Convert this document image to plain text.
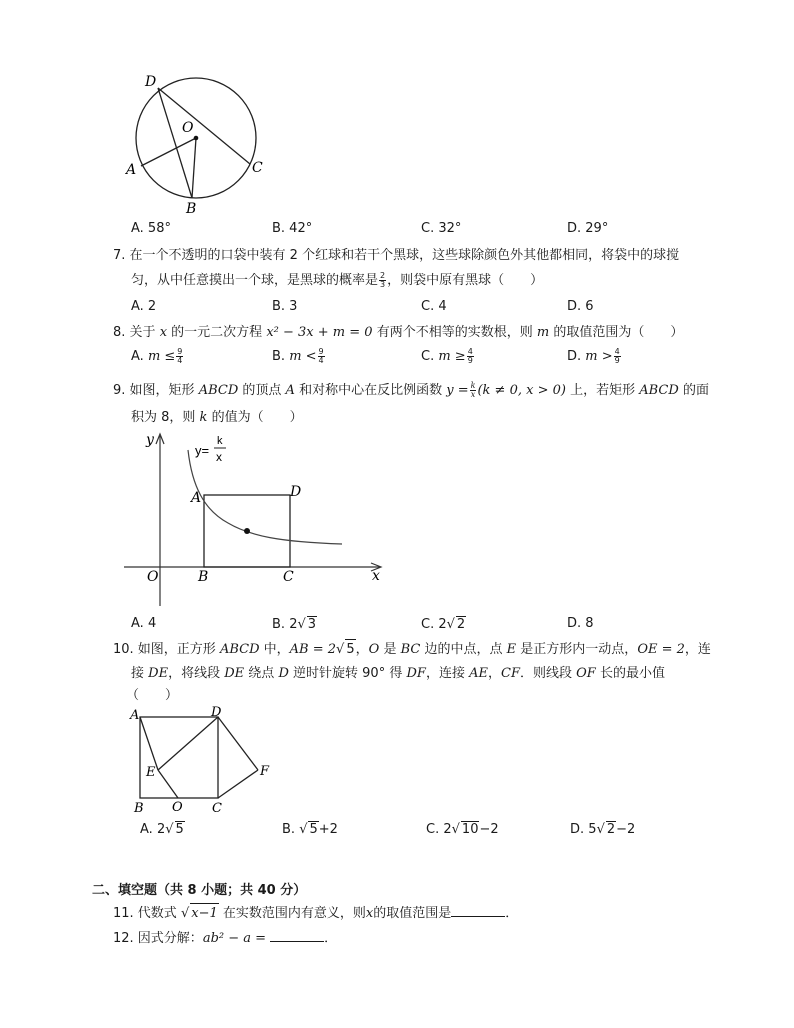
D
O
A	C
B
A. 58°	B. 42°	C. 32°	D. 29°
7. 在一个不透明的口袋中装有 2 个红球和若干个黑球，这些球除颜色外其他都相同，将袋中的球搅
匀，从中任意摸出一个球，是黑球的概率是 $\frac{2}{3}$ ，则袋中原有黑球（　　）
A. 2	B. 3	C. 4	D. 6
8. 关于 x 的一元二次方程 x² − 3x + m = 0 有两个不相等的实数根，则 m 的取值范围为（　　）
A. $m \le \frac{9}{4}$	B. $m < \frac{9}{4}$	C. $m \ge \frac{4}{9}$	D. $m > \frac{4}{9}$
9. 如图，矩形 ABCD 的顶点 A 和对称中心在反比例函数 $y = \frac{k}{x} (k \ne 0$, x > 0) 上，若矩形 ABCD 的面
积为 8，则 k 的值为（　　）
y
x
y=
k
x
A	D
O	B	C
A. 4	B. 2√ 3	C. 2√ 2	D. 8
10. 如图，正方形 ABCD 中，AB = 2√ 5，O 是 BC 边的中点，点 E 是正方形内一动点，OE = 2，连
接 DE，将线段 DE 绕点 D 逆时针旋转 90° 得 DF，连接 AE，CF．则线段 OF 长的最小值
（　　）
A	D
E	F
B O C
A. 2√ 5	B. √ 5+2	C. 2√ 10−2	D. 5√ 2−2
二、填空题（共 8 小题；共 40 分）
11. 代数式 √ x−1 在实数范围内有意义，则x的取值范围是	．
12. 因式分解：ab² − a =	．
